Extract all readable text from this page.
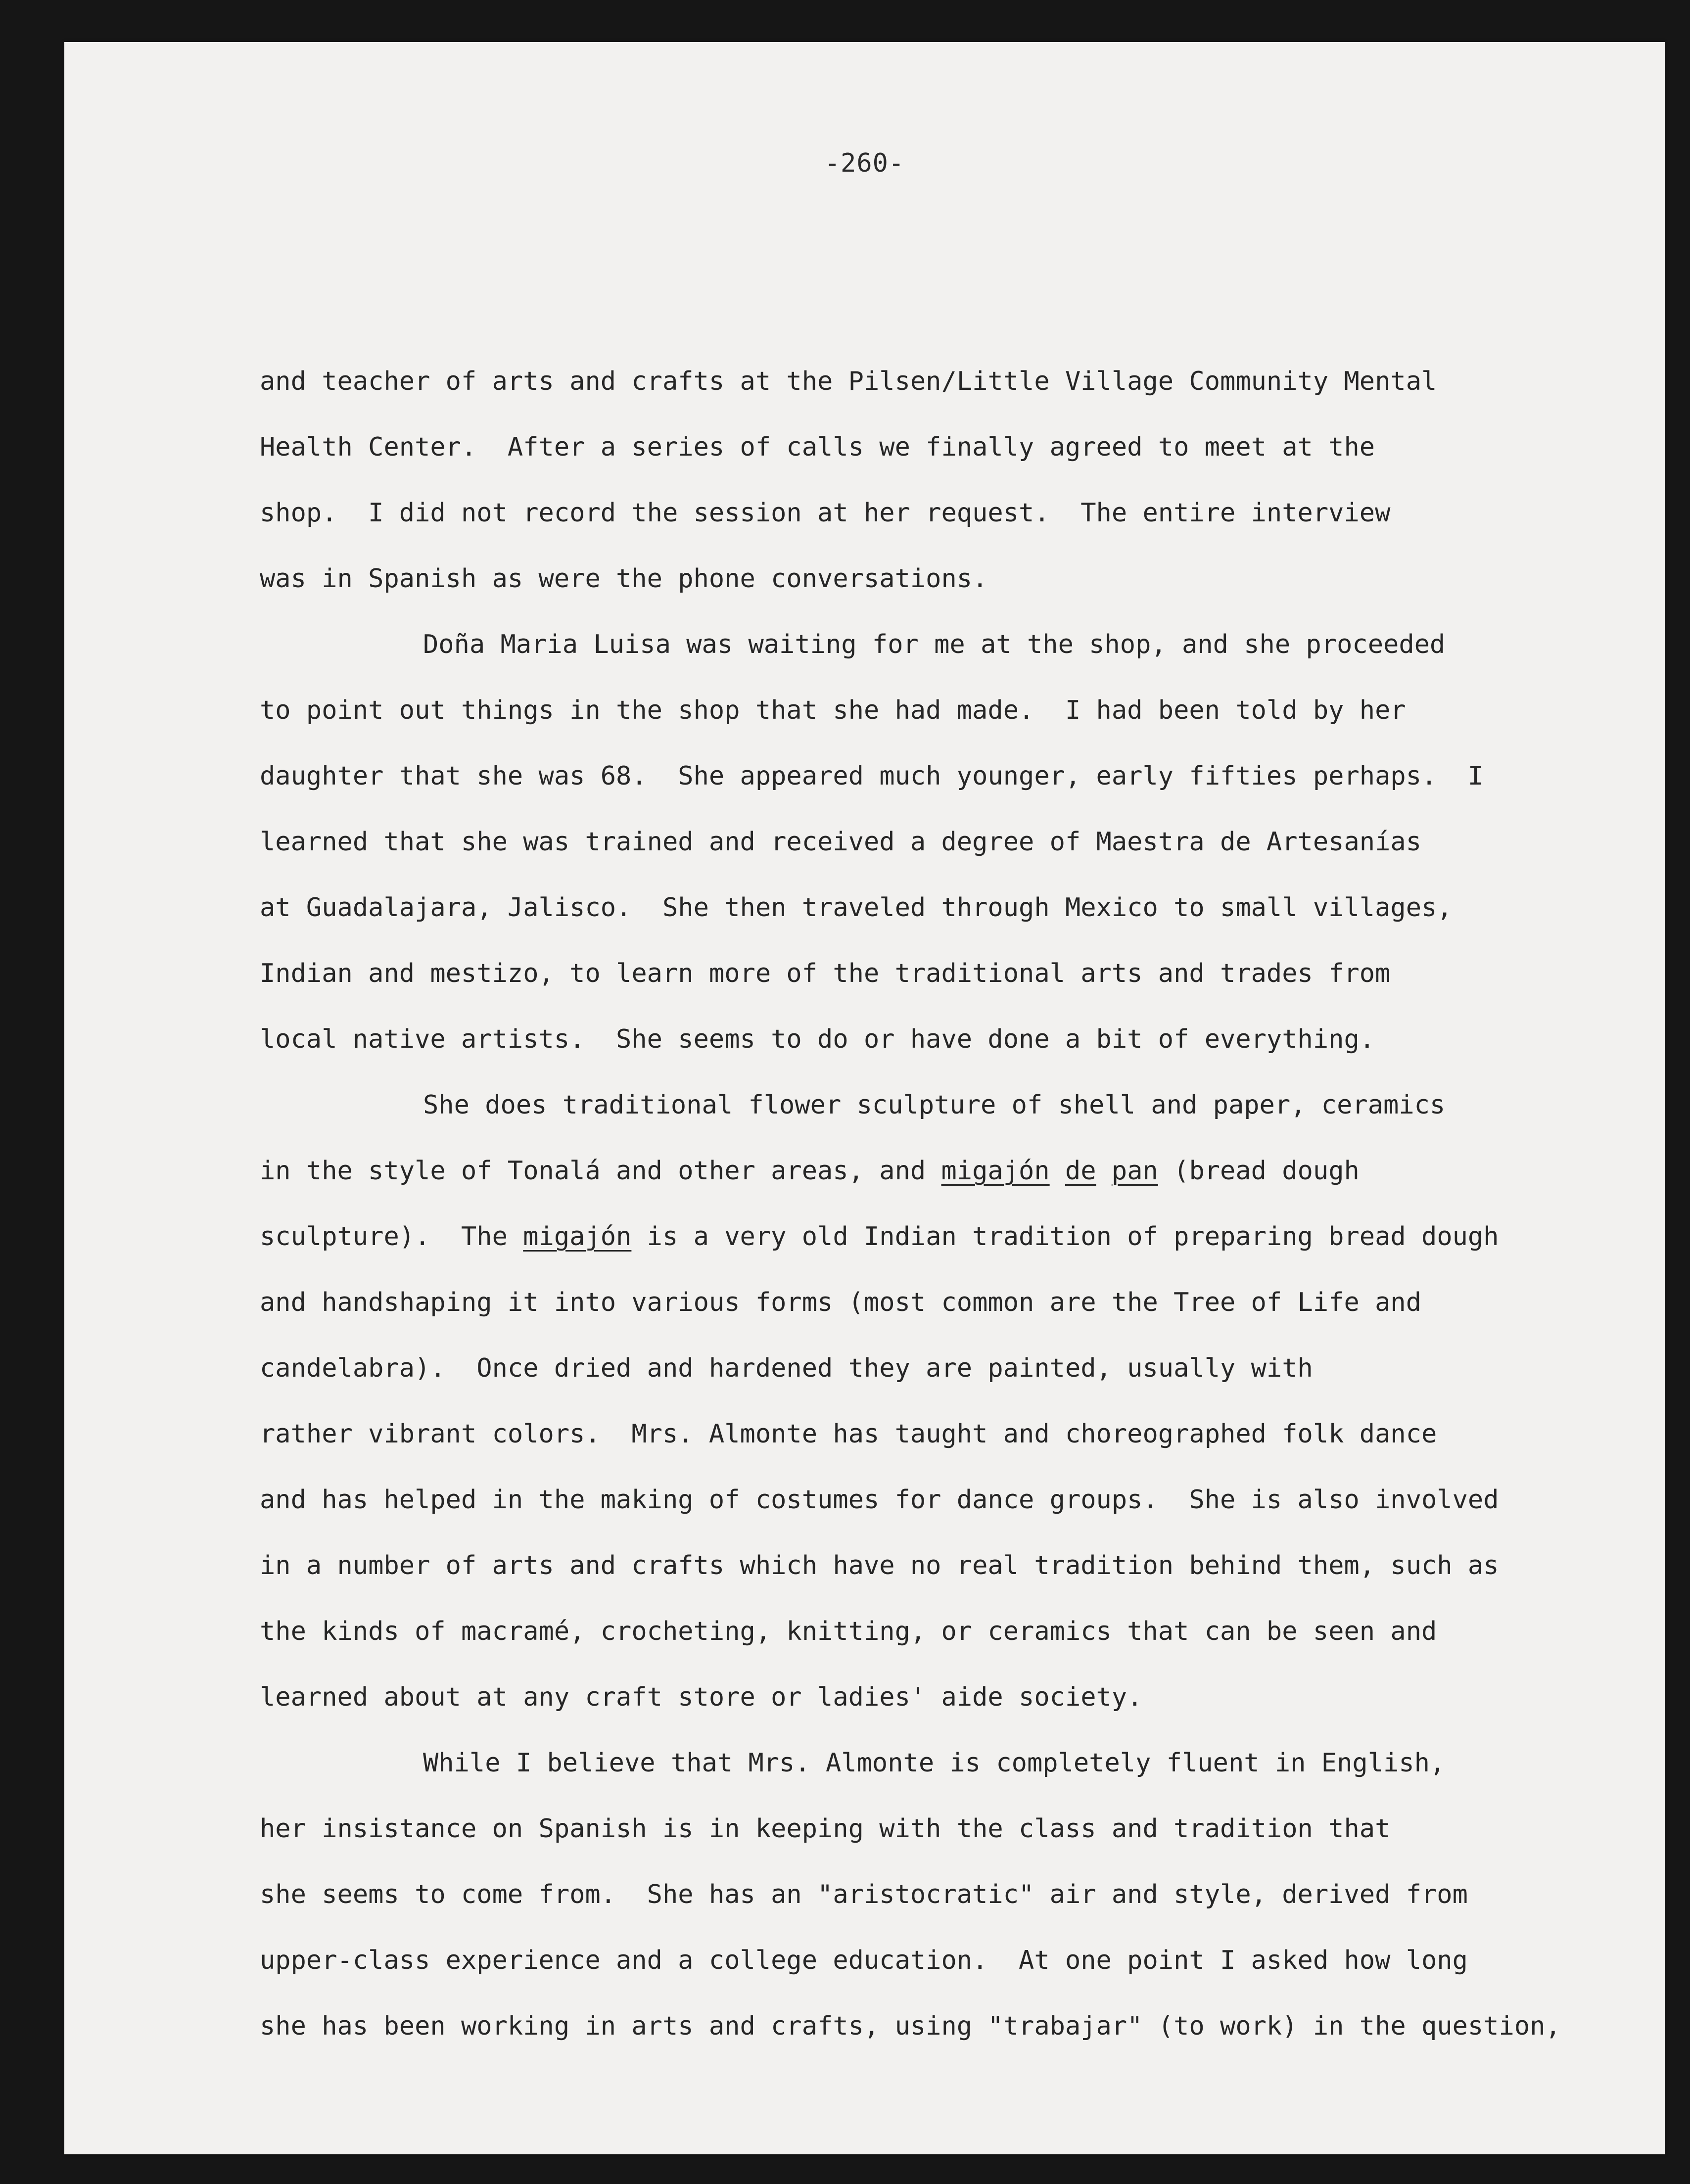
-260-
and teacher of arts and crafts at the Pilsen/Little Village Community Mental
Health Center.  After a series of calls we finally agreed to meet at the
shop.  I did not record the session at her request.  The entire interview
was in Spanish as were the phone conversations.
Doña Maria Luisa was waiting for me at the shop, and she proceeded
to point out things in the shop that she had made.  I had been told by her
daughter that she was 68.  She appeared much younger, early fifties perhaps.  I
learned that she was trained and received a degree of Maestra de Artesanías
at Guadalajara, Jalisco.  She then traveled through Mexico to small villages,
Indian and mestizo, to learn more of the traditional arts and trades from
local native artists.  She seems to do or have done a bit of everything.
She does traditional flower sculpture of shell and paper, ceramics
in the style of Tonalá and other areas, and migajón de pan (bread dough
sculpture).  The migajón is a very old Indian tradition of preparing bread dough
and handshaping it into various forms (most common are the Tree of Life and
candelabra).  Once dried and hardened they are painted, usually with
rather vibrant colors.  Mrs. Almonte has taught and choreographed folk dance
and has helped in the making of costumes for dance groups.  She is also involved
in a number of arts and crafts which have no real tradition behind them, such as
the kinds of macramé, crocheting, knitting, or ceramics that can be seen and
learned about at any craft store or ladies' aide society.
While I believe that Mrs. Almonte is completely fluent in English,
her insistance on Spanish is in keeping with the class and tradition that
she seems to come from.  She has an "aristocratic" air and style, derived from
upper-class experience and a college education.  At one point I asked how long
she has been working in arts and crafts, using "trabajar" (to work) in the question,
